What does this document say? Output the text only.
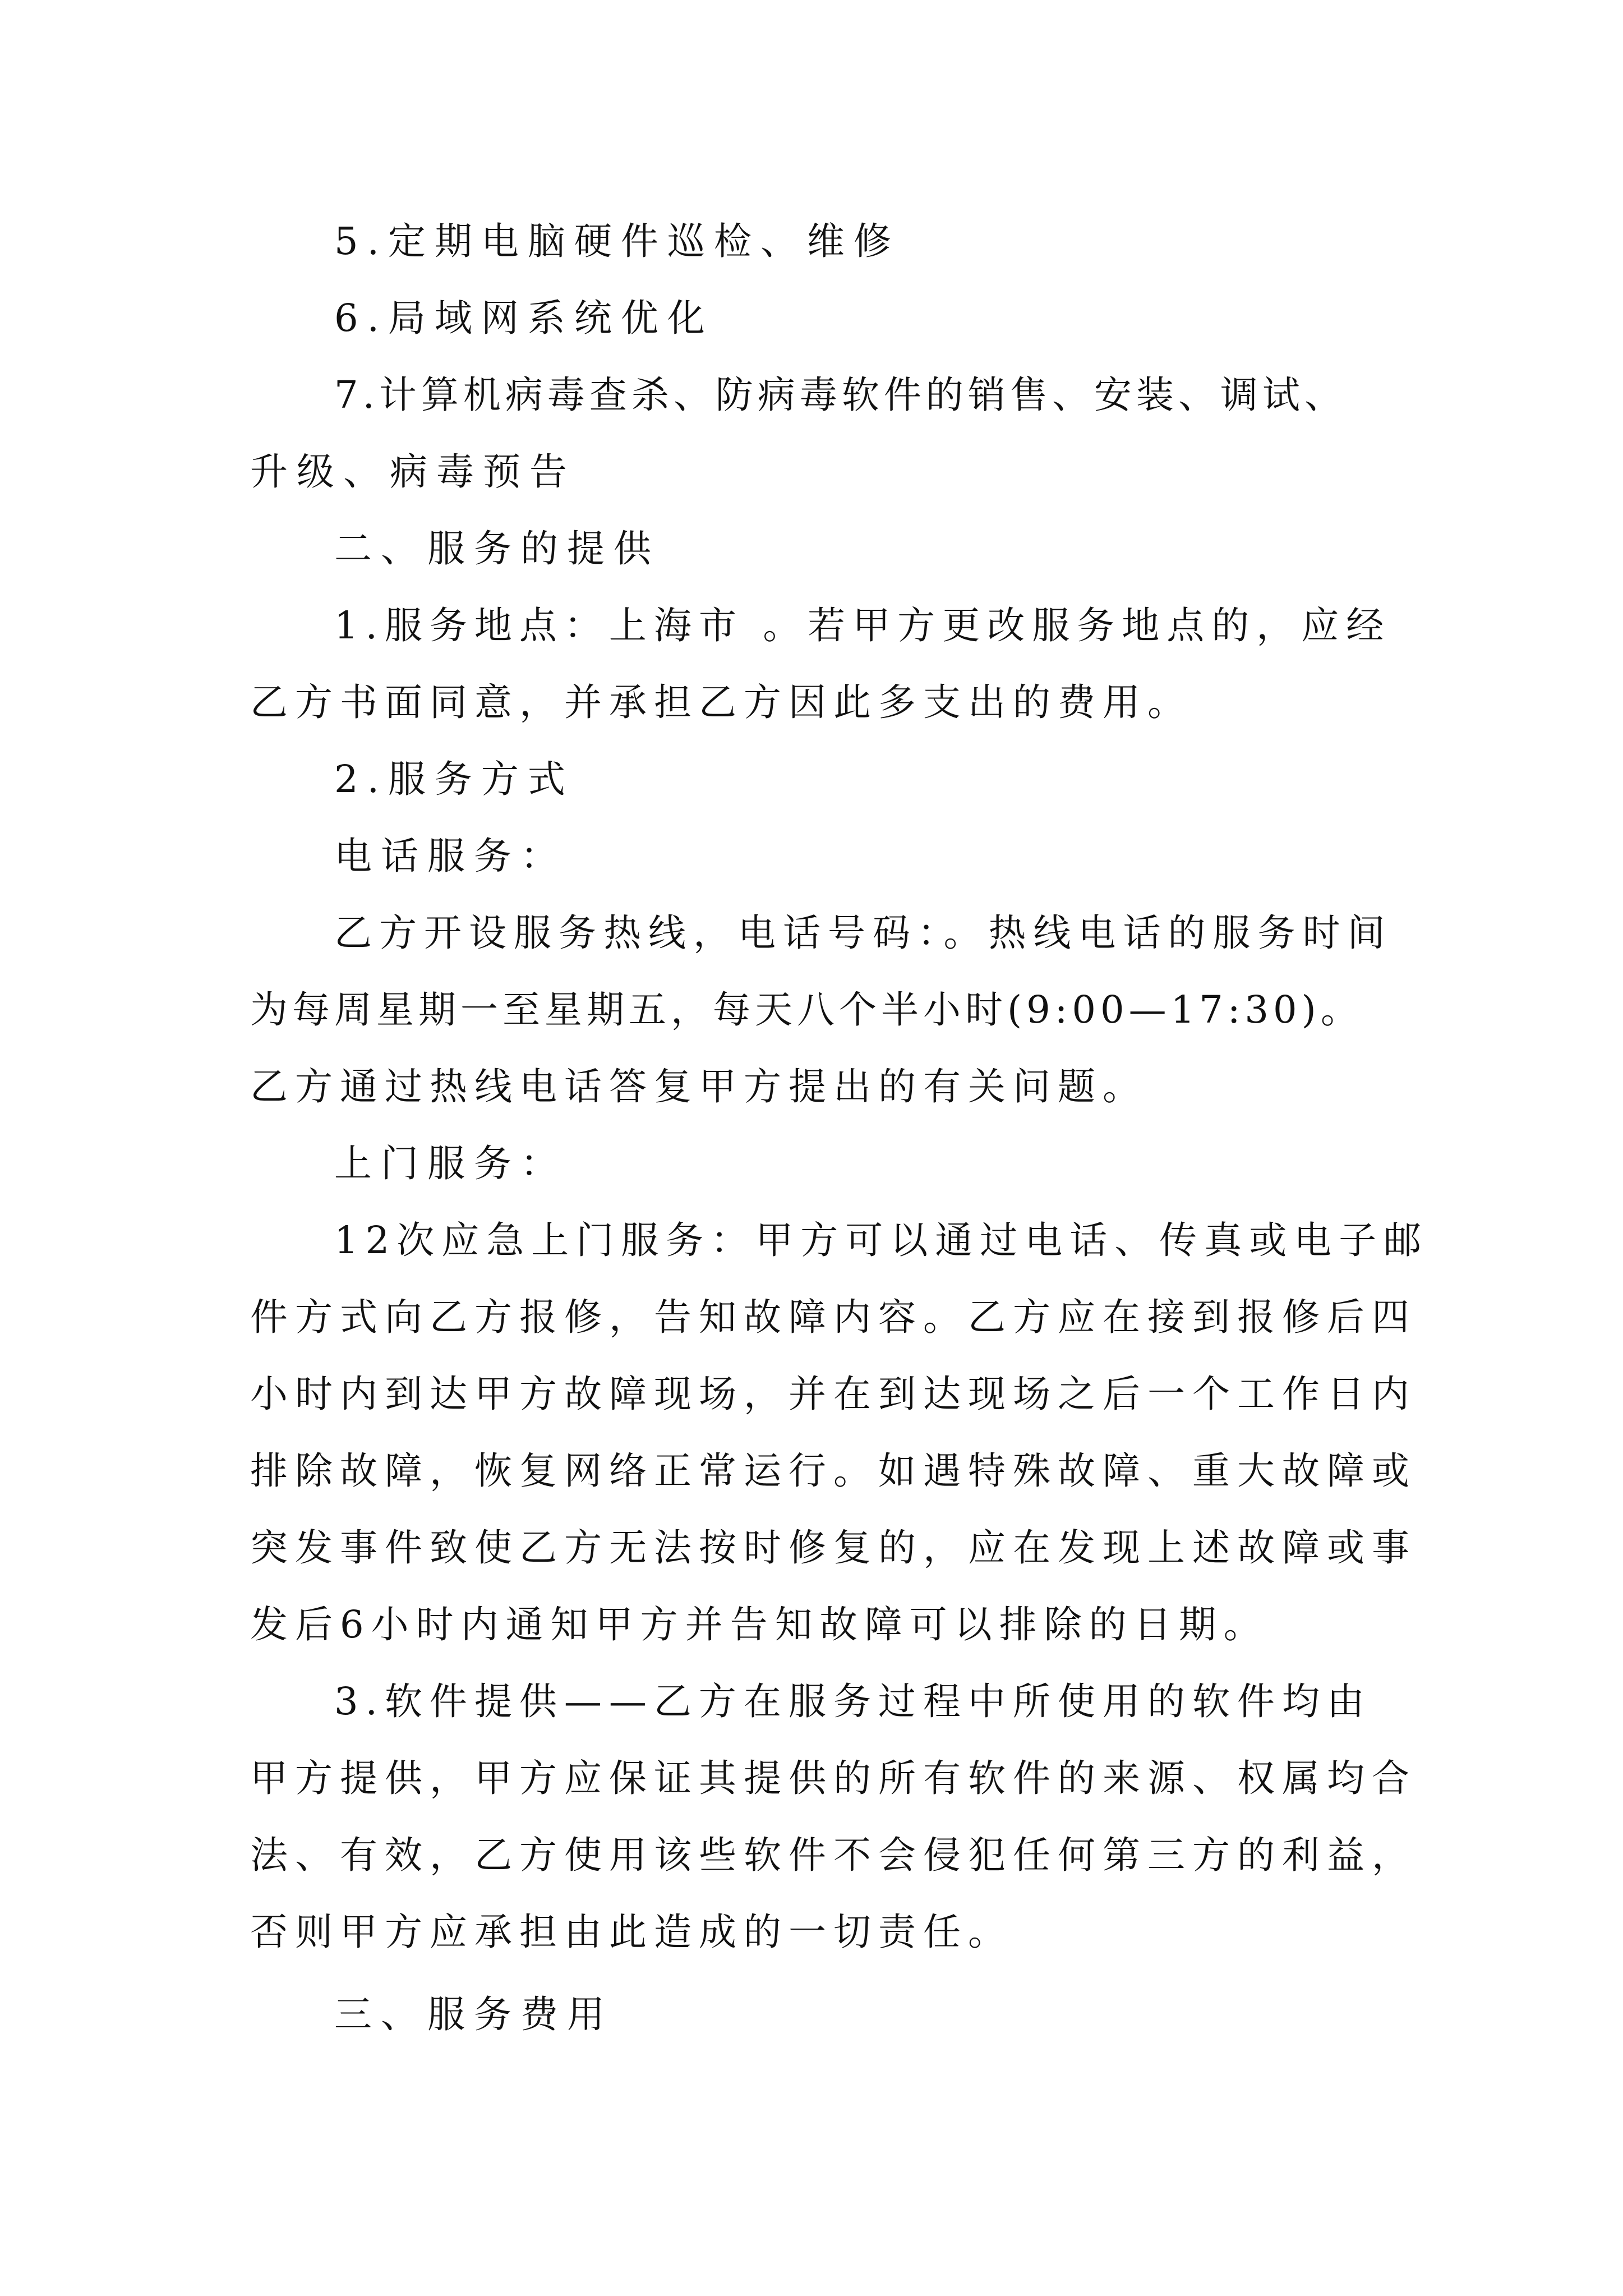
5.定期电脑硬件巡检、维修

6.局域网系统优化

7.计算机病毒查杀、防病毒软件的销售、安装、调试、

升级、病毒预告

二、服务的提供

1.服务地点：上海市 。若甲方更改服务地点的，应经

乙方书面同意，并承担乙方因此多支出的费用。

2.服务方式

电话服务：

乙方开设服务热线，电话号码：。热线电话的服务时间

为每周星期一至星期五，每天八个半小时(9:00—17:30)。

乙方通过热线电话答复甲方提出的有关问题。

上门服务：

12次应急上门服务：甲方可以通过电话、传真或电子邮

件方式向乙方报修，告知故障内容。乙方应在接到报修后四

小时内到达甲方故障现场，并在到达现场之后一个工作日内

排除故障，恢复网络正常运行。如遇特殊故障、重大故障或

突发事件致使乙方无法按时修复的，应在发现上述故障或事

发后6小时内通知甲方并告知故障可以排除的日期。

3.软件提供——乙方在服务过程中所使用的软件均由

甲方提供，甲方应保证其提供的所有软件的来源、权属均合

法、有效，乙方使用该些软件不会侵犯任何第三方的利益，

否则甲方应承担由此造成的一切责任。

三、服务费用
